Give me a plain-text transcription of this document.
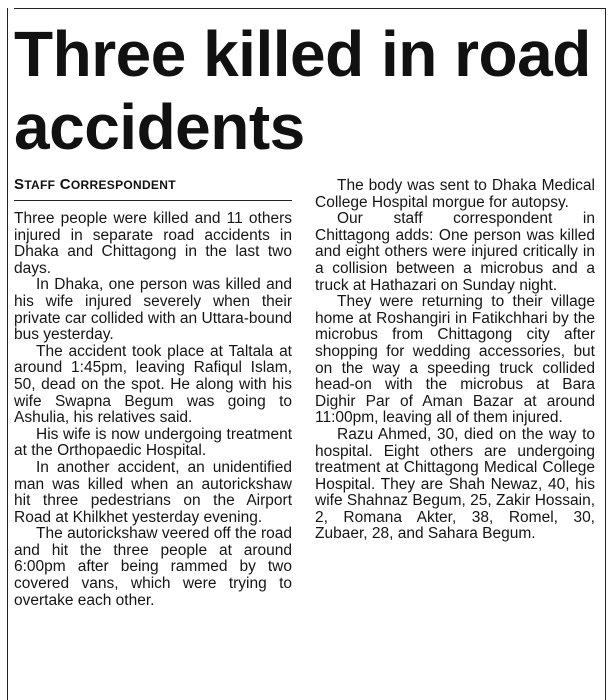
Three killed in road accidents
STAFF CORRESPONDENT

Three people were killed and 11 others injured in separate road accidents in Dhaka and Chittagong in the last two days.

In Dhaka, one person was killed and his wife injured severely when their private car collided with an Uttara-bound bus yesterday.

The accident took place at Taltala at around 1:45pm, leaving Rafiqul Islam, 50, dead on the spot. He along with his wife Swapna Begum was going to Ashulia, his relatives said.

His wife is now undergoing treatment at the Orthopaedic Hospital.

In another accident, an unidentified man was killed when an autorickshaw hit three pedestrians on the Airport Road at Khilkhet yesterday evening.

The autorickshaw veered off the road and hit the three people at around 6:00pm after being rammed by two covered vans, which were trying to overtake each other.

The body was sent to Dhaka Medical College Hospital morgue for autopsy.

Our staff correspondent in Chittagong adds: One person was killed and eight others were injured critically in a collision between a microbus and a truck at Hathazari on Sunday night.

They were returning to their village home at Roshangiri in Fatikchhari by the microbus from Chittagong city after shopping for wedding accessories, but on the way a speeding truck collided head-on with the microbus at Bara Dighir Par of Aman Bazar at around 11:00pm, leaving all of them injured.

Razu Ahmed, 30, died on the way to hospital. Eight others are undergoing treatment at Chittagong Medical College Hospital. They are Shah Newaz, 40, his wife Shahnaz Begum, 25, Zakir Hossain, 2, Romana Akter, 38, Romel, 30, Zubaer, 28, and Sahara Begum.
